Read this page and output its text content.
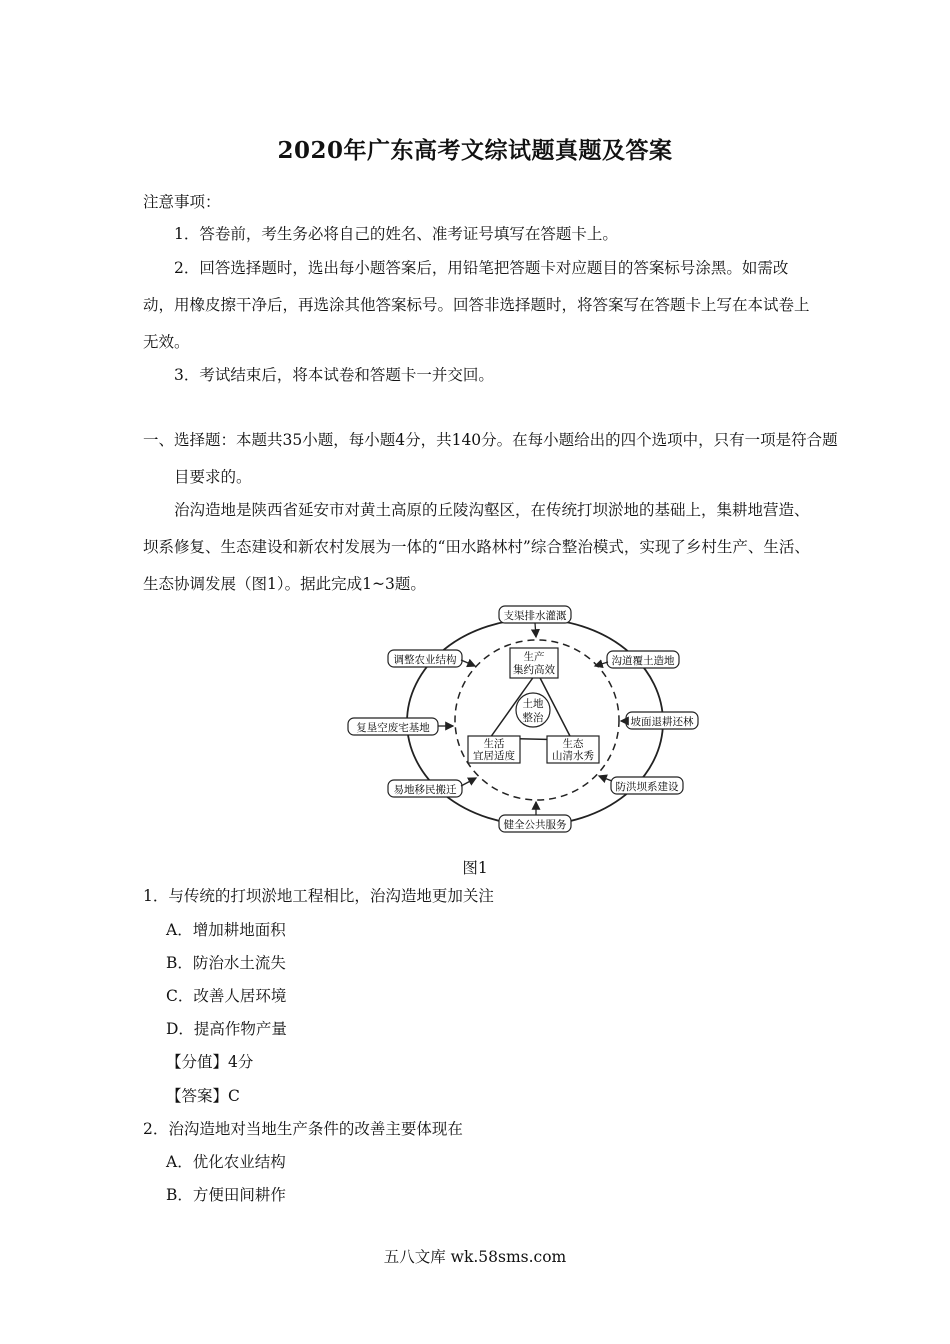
2020年广东高考文综试题真题及答案
注意事项：
1．答卷前，考生务必将自己的姓名、准考证号填写在答题卡上。
2．回答选择题时，选出每小题答案后，用铅笔把答题卡对应题目的答案标号涂黑。如需改动，用橡皮擦干净后，再选涂其他答案标号。回答非选择题时，将答案写在答题卡上写在本试卷上无效。
3．考试结束后，将本试卷和答题卡一并交回。
一、选择题：本题共35小题，每小题4分，共140分。在每小题给出的四个选项中，只有一项是符合题目要求的。
治沟造地是陕西省延安市对黄土高原的丘陵沟壑区，在传统打坝淤地的基础上，集耕地营造、坝系修复、生态建设和新农村发展为一体的“田水路林村”综合整治模式，实现了乡村生产、生活、生态协调发展（图1）。据此完成1~3题。
土地
整治
生产
集约高效
生活
宜居适度
生态
山清水秀
支渠排水灌溉
沟道覆土造地
坡面退耕还林
防洪坝系建设
健全公共服务
易地移民搬迁
复垦空废宅基地
调整农业结构
图1
1．与传统的打坝淤地工程相比，治沟造地更加关注
A．增加耕地面积
B．防治水土流失
C．改善人居环境
D．提高作物产量
【分值】4分
【答案】C
2．治沟造地对当地生产条件的改善主要体现在
A．优化农业结构
B．方便田间耕作
五八文库 wk.58sms.com
